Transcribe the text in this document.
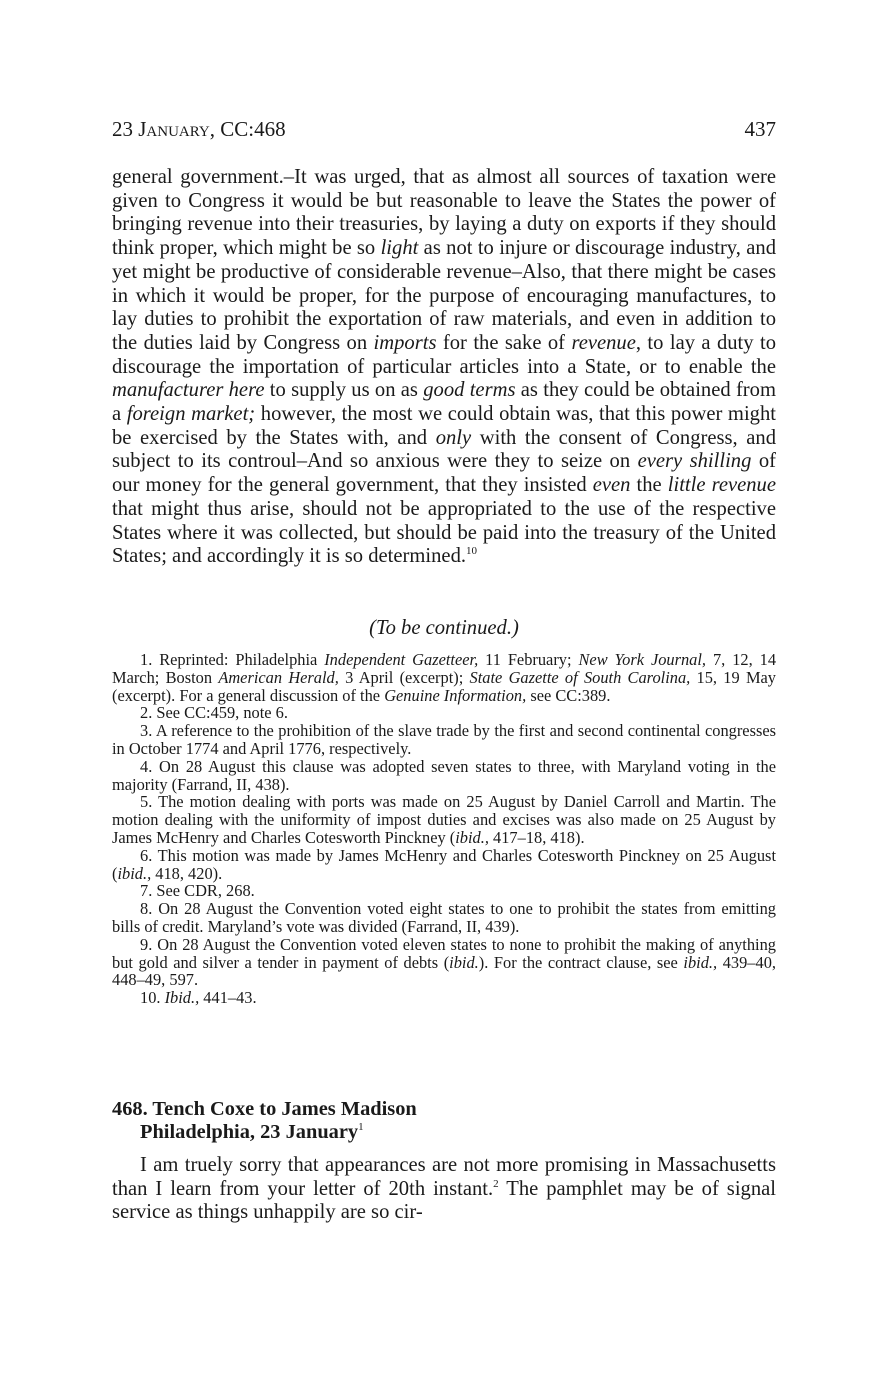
23 January, CC:468	437

general government.–It was urged, that as almost all sources of taxation were given to Congress it would be but reasonable to leave the States the power of bringing revenue into their treasuries, by laying a duty on exports if they should think proper, which might be so light as not to injure or discourage industry, and yet might be productive of considerable revenue–Also, that there might be cases in which it would be proper, for the purpose of encouraging manufactures, to lay duties to prohibit the exportation of raw materials, and even in addition to the duties laid by Congress on imports for the sake of revenue, to lay a duty to discourage the importation of particular articles into a State, or to enable the manufacturer here to supply us on as good terms as they could be obtained from a foreign market; however, the most we could obtain was, that this power might be exercised by the States with, and only with the consent of Congress, and subject to its controul–And so anxious were they to seize on every shilling of our money for the general government, that they insisted even the little revenue that might thus arise, should not be appropriated to the use of the respective States where it was collected, but should be paid into the treasury of the United States; and accordingly it is so determined.$^{10}$

(To be continued.)

1. Reprinted: Philadelphia Independent Gazetteer, 11 February; New York Journal, 7, 12, 14 March; Boston American Herald, 3 April (excerpt); State Gazette of South Carolina, 15, 19 May (excerpt). For a general discussion of the Genuine Information, see CC:389.

2. See CC:459, note 6.

3. A reference to the prohibition of the slave trade by the first and second continental congresses in October 1774 and April 1776, respectively.

4. On 28 August this clause was adopted seven states to three, with Maryland voting in the majority (Farrand, II, 438).

5. The motion dealing with ports was made on 25 August by Daniel Carroll and Martin. The motion dealing with the uniformity of impost duties and excises was also made on 25 August by James McHenry and Charles Cotesworth Pinckney (ibid., 417–18, 418).

6. This motion was made by James McHenry and Charles Cotesworth Pinckney on 25 August (ibid., 418, 420).

7. See CDR, 268.

8. On 28 August the Convention voted eight states to one to prohibit the states from emitting bills of credit. Maryland’s vote was divided (Farrand, II, 439).

9. On 28 August the Convention voted eleven states to none to prohibit the making of anything but gold and silver a tender in payment of debts (ibid.). For the contract clause, see ibid., 439–40, 448–49, 597.

10. Ibid., 441–43.

468. Tench Coxe to James Madison
Philadelphia, 23 January$^1$

I am truely sorry that appearances are not more promising in Massachusetts than I learn from your letter of 20th instant.$^2$ The pamphlet may be of signal service as things unhappily are so cir-
